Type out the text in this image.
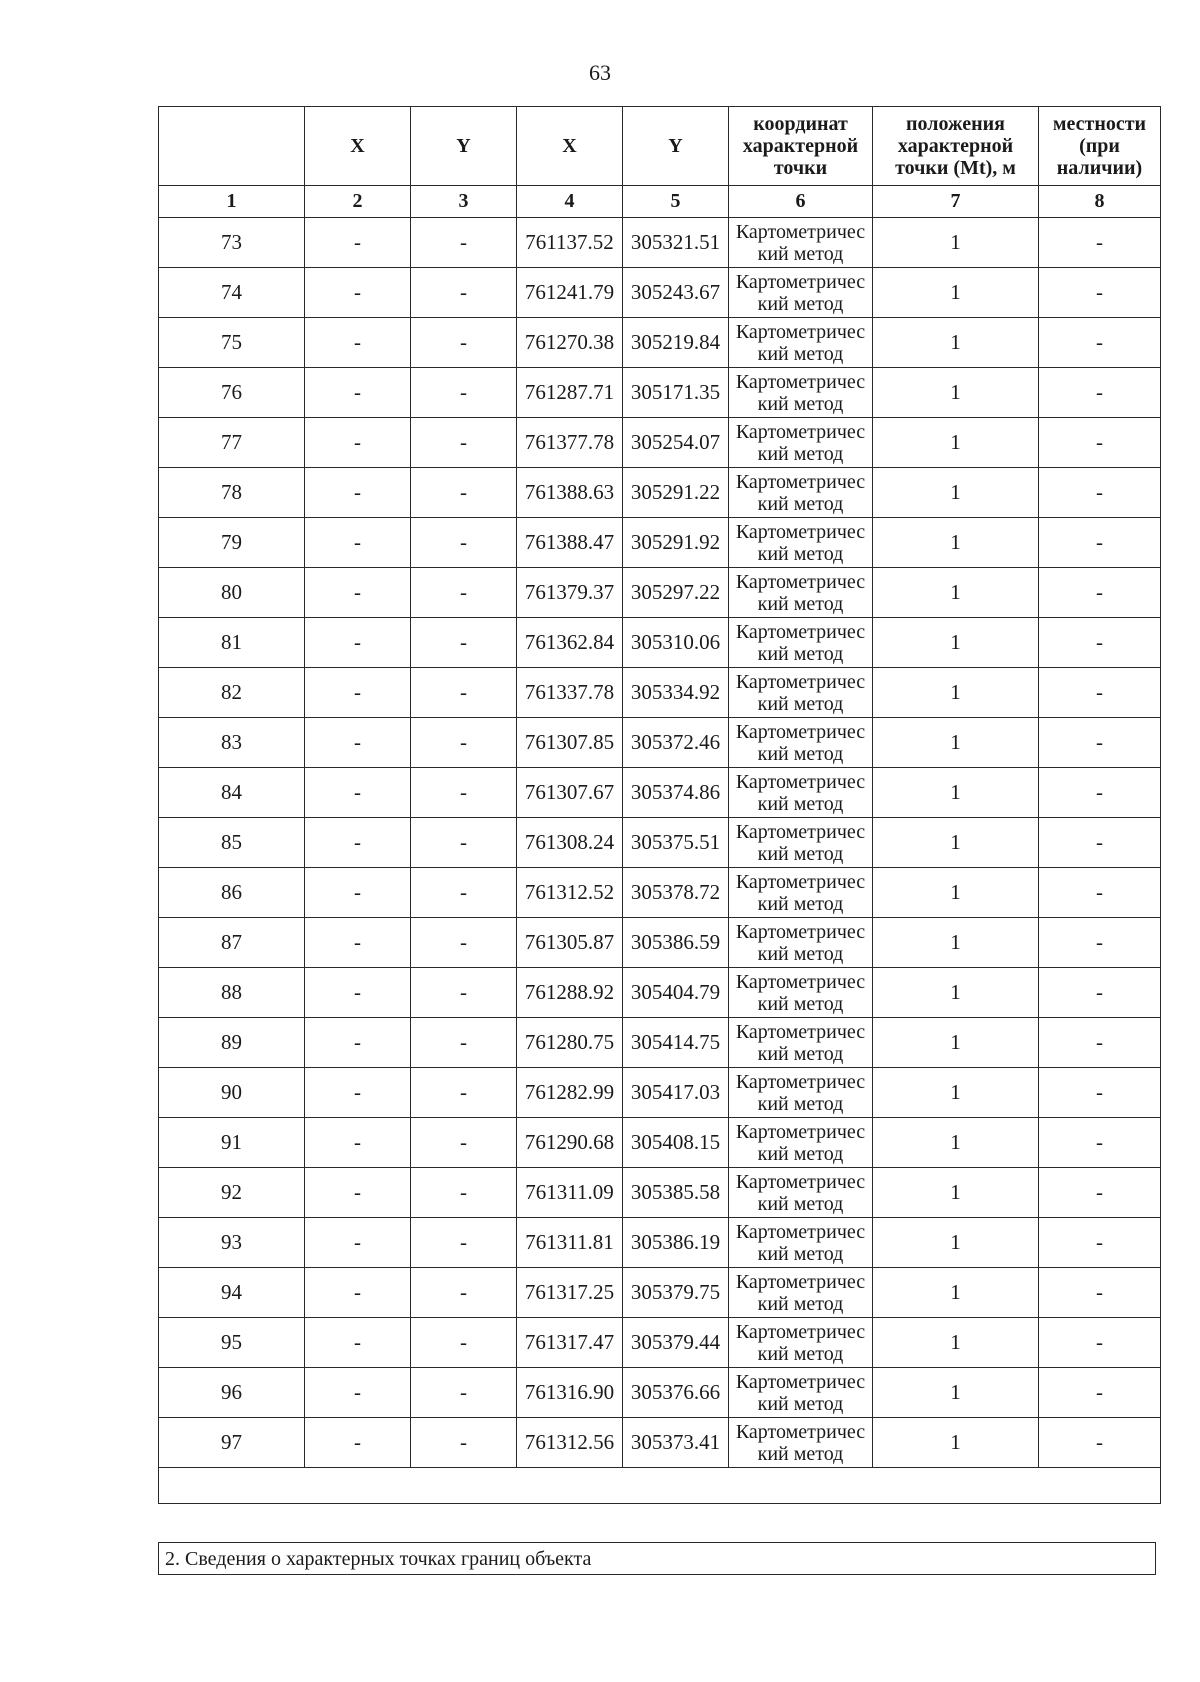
63
	X	Y	X	Y	координат характерной точки	положения характерной точки (Mt), м	местности (при наличии)
1	2	3	4	5	6	7	8
73	-	-	761137.52	305321.51	Картометричес кий метод	1	-
74	-	-	761241.79	305243.67	Картометричес кий метод	1	-
75	-	-	761270.38	305219.84	Картометричес кий метод	1	-
76	-	-	761287.71	305171.35	Картометричес кий метод	1	-
77	-	-	761377.78	305254.07	Картометричес кий метод	1	-
78	-	-	761388.63	305291.22	Картометричес кий метод	1	-
79	-	-	761388.47	305291.92	Картометричес кий метод	1	-
80	-	-	761379.37	305297.22	Картометричес кий метод	1	-
81	-	-	761362.84	305310.06	Картометричес кий метод	1	-
82	-	-	761337.78	305334.92	Картометричес кий метод	1	-
83	-	-	761307.85	305372.46	Картометричес кий метод	1	-
84	-	-	761307.67	305374.86	Картометричес кий метод	1	-
85	-	-	761308.24	305375.51	Картометричес кий метод	1	-
86	-	-	761312.52	305378.72	Картометричес кий метод	1	-
87	-	-	761305.87	305386.59	Картометричес кий метод	1	-
88	-	-	761288.92	305404.79	Картометричес кий метод	1	-
89	-	-	761280.75	305414.75	Картометричес кий метод	1	-
90	-	-	761282.99	305417.03	Картометричес кий метод	1	-
91	-	-	761290.68	305408.15	Картометричес кий метод	1	-
92	-	-	761311.09	305385.58	Картометричес кий метод	1	-
93	-	-	761311.81	305386.19	Картометричес кий метод	1	-
94	-	-	761317.25	305379.75	Картометричес кий метод	1	-
95	-	-	761317.47	305379.44	Картометричес кий метод	1	-
96	-	-	761316.90	305376.66	Картометричес кий метод	1	-
97	-	-	761312.56	305373.41	Картометричес кий метод	1	-

2. Сведения о характерных точках границ объекта
